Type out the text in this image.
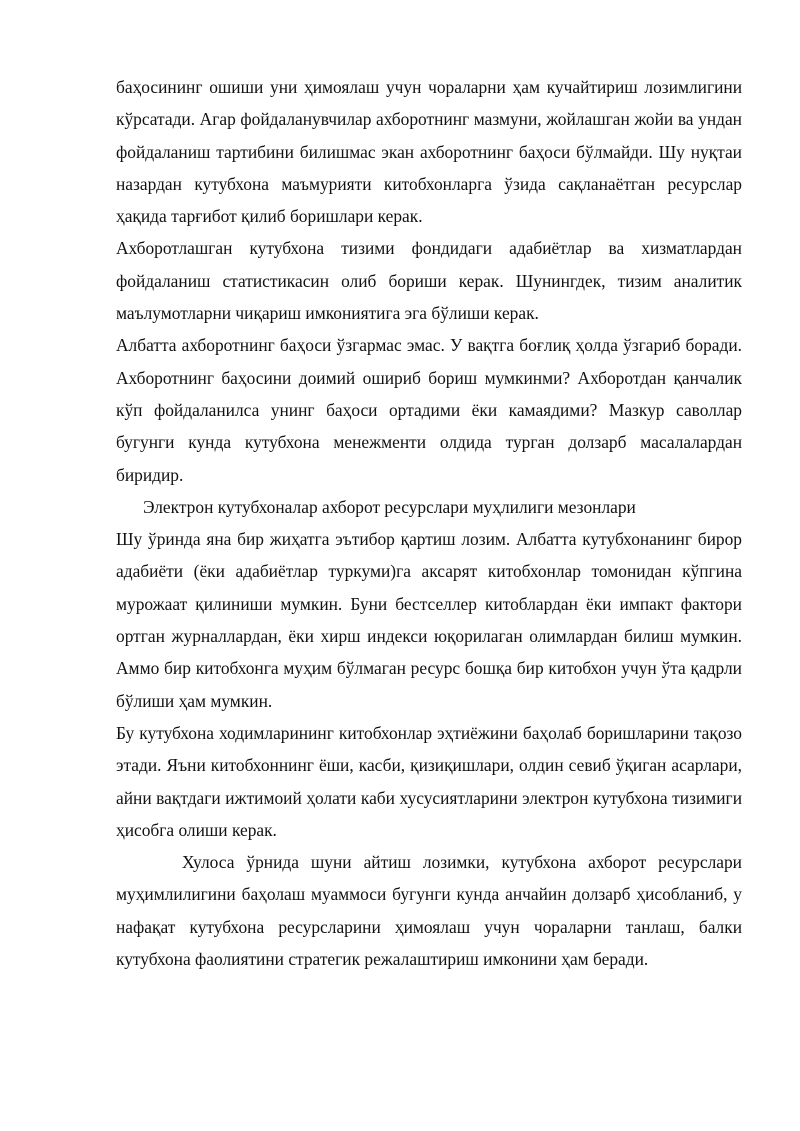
баҳосининг ошиши уни ҳимоялаш учун чораларни ҳам кучайтириш лозимлигини кўрсатади. Агар фойдаланувчилар ахборотнинг мазмуни, жойлашган жойи ва ундан фойдаланиш тартибини билишмас экан ахборотнинг баҳоси бўлмайди. Шу нуқтаи назардан кутубхона маъмурияти китобхонларга ўзида сақланаётган ресурслар ҳақида тарғибот қилиб боришлари керак.

Ахборотлашган кутубхона тизими фондидаги адабиётлар ва хизматлардан фойдаланиш статистикасин олиб бориши керак. Шунингдек, тизим аналитик маълумотларни чиқариш имкониятига эга бўлиши керак.

Албатта ахборотнинг баҳоси ўзгармас эмас. У вақтга боғлиқ ҳолда ўзгариб боради. Ахборотнинг баҳосини доимий ошириб бориш мумкинми? Ахборотдан қанчалик кўп фойдаланилса унинг баҳоси ортадими ёки камаядими? Мазкур саволлар бугунги кунда кутубхона менежменти олдида турган долзарб масалалардан биридир.

Электрон кутубхоналар ахборот ресурслари муҳлилиги мезонлари

Шу ўринда яна бир жиҳатга эътибор қартиш лозим. Албатта кутубхонанинг бирор адабиёти (ёки адабиётлар туркуми)га аксарят китобхонлар томонидан кўпгина мурожаат қилиниши мумкин. Буни бестселлер китоблардан ёки импакт фактори ортган журналлардан, ёки хирш индекси юқорилаган олимлардан билиш мумкин. Аммо бир китобхонга муҳим бўлмаган ресурс бошқа бир китобхон учун ўта қадрли бўлиши ҳам мумкин.

Бу кутубхона ходимларининг китобхонлар эҳтиёжини баҳолаб боришларини тақозо этади. Яъни китобхоннинг ёши, касби, қизиқишлари, олдин севиб ўқиган асарлари, айни вақтдаги ижтимоий ҳолати каби хусусиятларини электрон кутубхона тизимиги ҳисобга олиши керак.

Хулоса ўрнида шуни айтиш лозимки, кутубхона ахборот ресурслари муҳимлилигини баҳолаш муаммоси бугунги кунда анчайин долзарб ҳисобланиб, у нафақат кутубхона ресурсларини ҳимоялаш учун чораларни танлаш, балки кутубхона фаолиятини стратегик режалаштириш имконини ҳам беради.
